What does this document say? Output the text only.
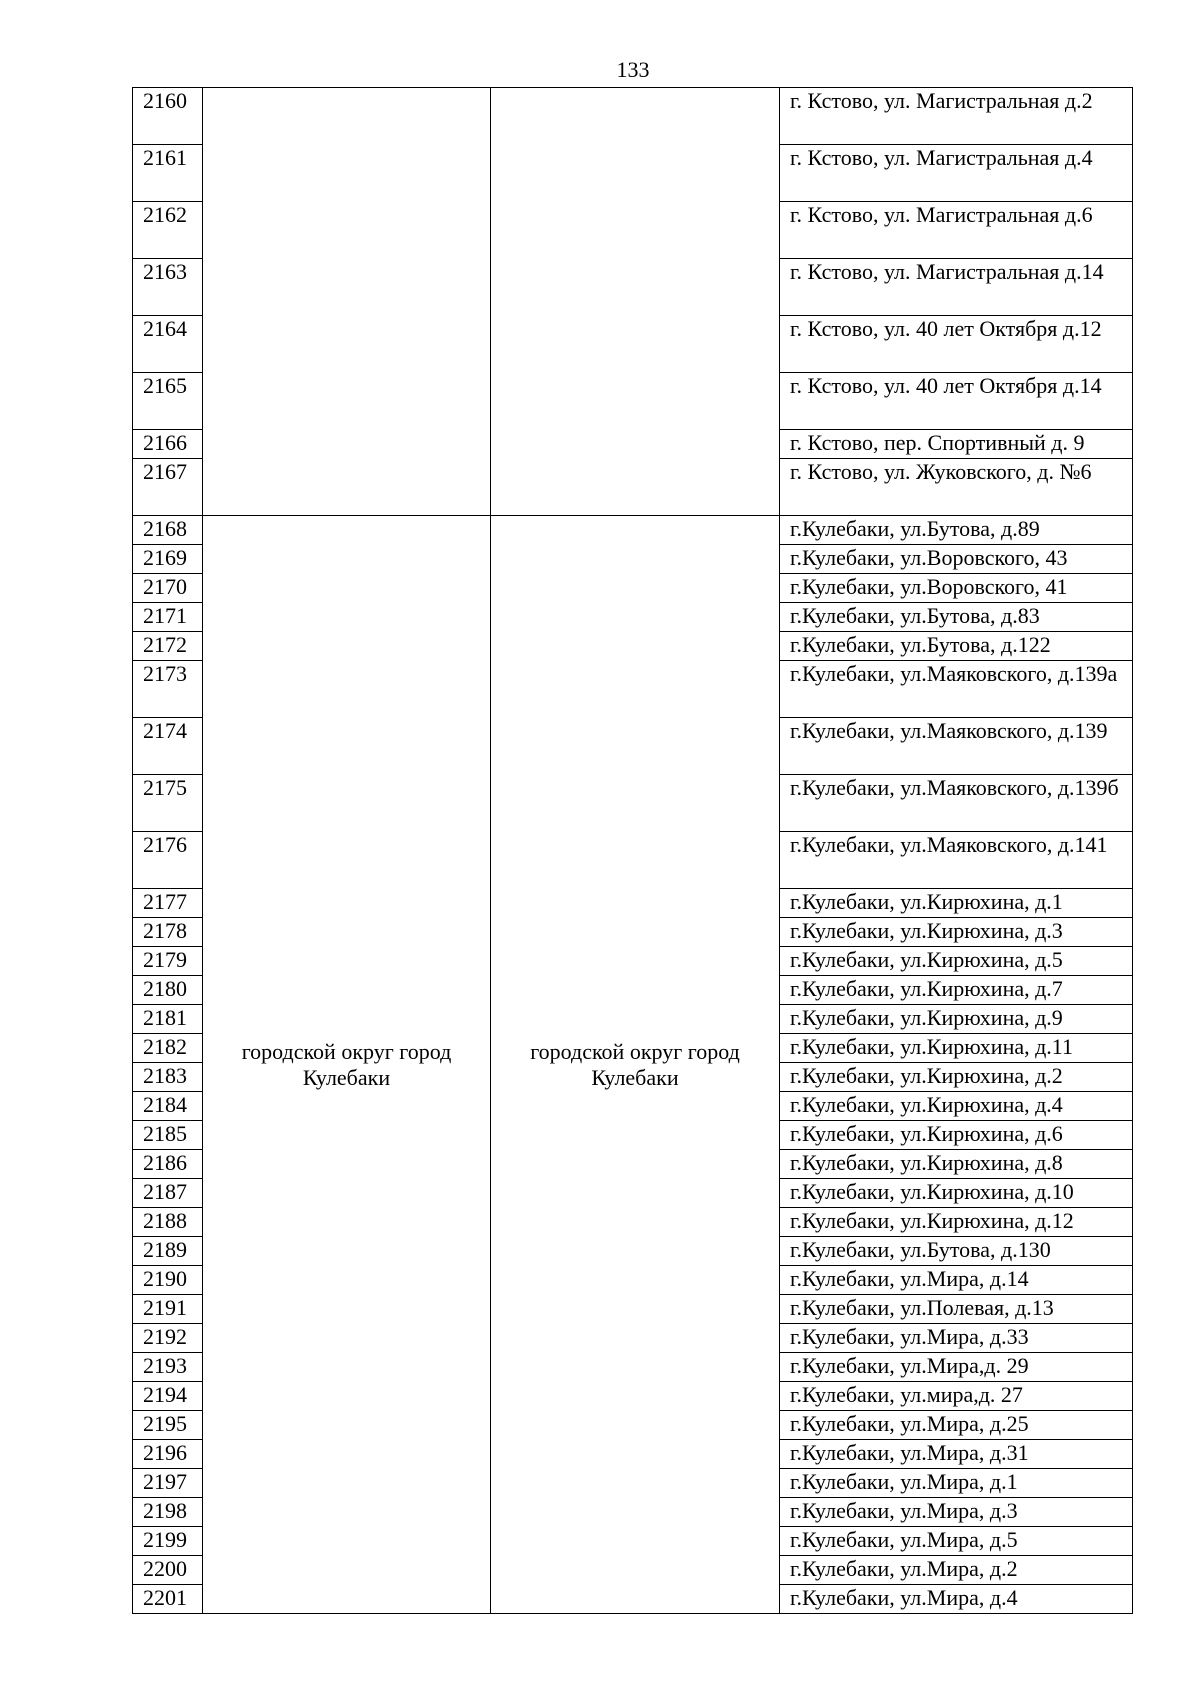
133
2160			г. Кстово, ул. Магистральная д.2
2161			г. Кстово, ул. Магистральная д.4
2162			г. Кстово, ул. Магистральная д.6
2163			г. Кстово, ул. Магистральная д.14
2164			г. Кстово, ул. 40 лет Октября д.12
2165			г. Кстово, ул. 40 лет Октября д.14
2166			г. Кстово, пер. Спортивный д. 9
2167			г. Кстово, ул. Жуковского, д. №6
2168	городской округ город Кулебаки	городской округ город Кулебаки	г.Кулебаки, ул.Бутова, д.89
2169			г.Кулебаки, ул.Воровского, 43
2170			г.Кулебаки, ул.Воровского, 41
2171			г.Кулебаки, ул.Бутова, д.83
2172			г.Кулебаки, ул.Бутова, д.122
2173			г.Кулебаки, ул.Маяковского, д.139а
2174			г.Кулебаки, ул.Маяковского, д.139
2175			г.Кулебаки, ул.Маяковского, д.139б
2176			г.Кулебаки, ул.Маяковского, д.141
2177			г.Кулебаки, ул.Кирюхина, д.1
2178			г.Кулебаки, ул.Кирюхина, д.3
2179			г.Кулебаки, ул.Кирюхина, д.5
2180			г.Кулебаки, ул.Кирюхина, д.7
2181			г.Кулебаки, ул.Кирюхина, д.9
2182			г.Кулебаки, ул.Кирюхина, д.11
2183			г.Кулебаки, ул.Кирюхина, д.2
2184			г.Кулебаки, ул.Кирюхина, д.4
2185			г.Кулебаки, ул.Кирюхина, д.6
2186			г.Кулебаки, ул.Кирюхина, д.8
2187			г.Кулебаки, ул.Кирюхина, д.10
2188			г.Кулебаки, ул.Кирюхина, д.12
2189			г.Кулебаки, ул.Бутова, д.130
2190			г.Кулебаки, ул.Мира, д.14
2191			г.Кулебаки, ул.Полевая, д.13
2192			г.Кулебаки, ул.Мира, д.33
2193			г.Кулебаки, ул.Мира,д. 29
2194			г.Кулебаки, ул.мира,д. 27
2195			г.Кулебаки, ул.Мира, д.25
2196			г.Кулебаки, ул.Мира, д.31
2197			г.Кулебаки, ул.Мира, д.1
2198			г.Кулебаки, ул.Мира, д.3
2199			г.Кулебаки, ул.Мира, д.5
2200			г.Кулебаки, ул.Мира, д.2
2201			г.Кулебаки, ул.Мира, д.4
